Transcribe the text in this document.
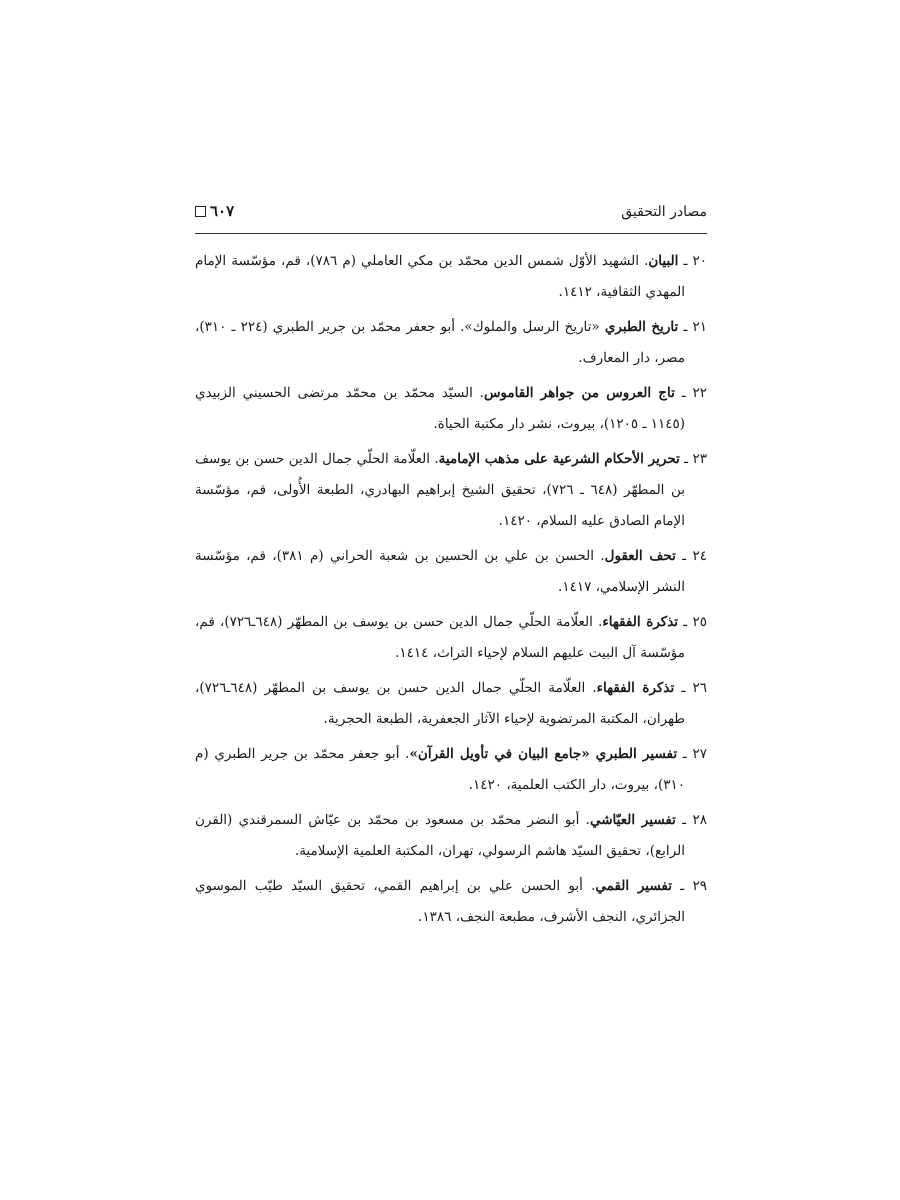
مصادر التحقيق
٦٠٧

٢٠ ـ البيان. الشهيد الأوّل شمس الدين محمّد بن مكي العاملي (م ٧٨٦)، قم، مؤسّسة الإمام المهدي الثقافية، ١٤١٢.

٢١ ـ تاريخ الطبري «تاريخ الرسل والملوك». أبو جعفر محمّد بن جرير الطبري (٢٢٤ ـ ٣١٠)، مصر، دار المعارف.

٢٢ ـ تاج العروس من جواهر القاموس. السيّد محمّد بن محمّد مرتضى الحسيني الزبيدي (١١٤٥ ـ ١٢٠٥)، بيروت، نشر دار مكتبة الحياة.

٢٣ ـ تحرير الأحكام الشرعية على مذهب الإمامية. العلّامة الحلّي جمال الدين حسن بن يوسف بن المطهّر (٦٤٨ ـ ٧٢٦)، تحقيق الشيخ إبراهيم البهادري، الطبعة الأُولى، قم، مؤسّسة الإمام الصادق عليه السلام، ١٤٢٠.

٢٤ ـ تحف العقول. الحسن بن علي بن الحسين بن شعبة الحراني (م ٣٨١)، قم، مؤسّسة النشر الإسلامي، ١٤١٧.

٢٥ ـ تذكرة الفقهاء. العلّامة الحلّي جمال الدين حسن بن يوسف بن المطهّر (٦٤٨ـ٧٢٦)، قم، مؤسّسة آل البيت عليهم السلام لإحياء التراث، ١٤١٤.

٢٦ ـ تذكرة الفقهاء. العلّامة الحلّي جمال الدين حسن بن يوسف بن المطهّر (٦٤٨ـ٧٢٦)، طهران، المكتبة المرتضوية لإحياء الآثار الجعفرية، الطبعة الحجرية.

٢٧ ـ تفسير الطبري «جامع البيان في تأويل القرآن». أبو جعفر محمّد بن جرير الطبري (م ٣١٠)، بيروت، دار الكتب العلمية، ١٤٢٠.

٢٨ ـ تفسير العيّاشي. أبو النضر محمّد بن مسعود بن محمّد بن عيّاش السمرقندي (القرن الرابع)، تحقيق السيّد هاشم الرسولي، تهران، المكتبة العلمية الإسلامية.

٢٩ ـ تفسير القمي. أبو الحسن علي بن إبراهيم القمي، تحقيق السيّد طيّب الموسوي الجزائري، النجف الأشرف، مطبعة النجف، ١٣٨٦.
